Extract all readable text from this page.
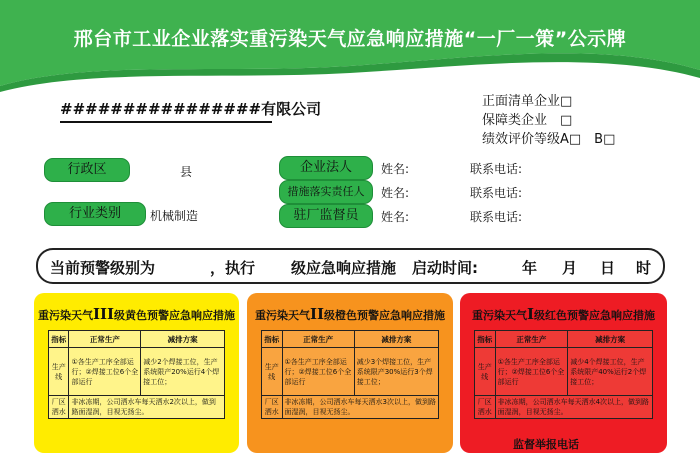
邢台市工业企业落实重污染天气应急响应措施“一厂一策”公示牌
################有限公司	正面清单企业□
保障类企业　□
绩效评价等级A□　B□
行政区	县
行业类别	机械制造
企业法人	姓名:	联系电话:
措施落实责任人	姓名:	联系电话:
驻厂监督员	姓名:	联系电话:
当前预警级别为	，执行 级应急响应措施 启动时间:	年 月 日 时
重污染天气III级黄色预警应急响应措施
指标	正常生产	减排方案
生产线	①各生产工序全部运行；②焊接工位6个全部运行	减少2个焊接工位，生产系统限产20%运行4个焊接工位；
厂区洒水	非冰冻期，公司洒水车每天洒水2次以上，做到路面湿润，目视无扬尘。	
重污染天气II级橙色预警应急响应措施
指标	正常生产	减排方案
生产线	①各生产工序全部运行；②焊接工位6个全部运行	减少3个焊接工位，生产系统限产30%运行3个焊接工位；
厂区洒水	非冰冻期，公司洒水车每天洒水3次以上，做到路面湿润，目视无扬尘。	
重污染天气I级红色预警应急响应措施
指标	正常生产	减排方案
生产线	①各生产工序全部运行；②焊接工位6个全部运行	减少4个焊接工位，生产系统限产40%运行2个焊接工位；
厂区洒水	非冰冻期，公司洒水车每天洒水4次以上，做到路面湿润，目视无扬尘。	
监督举报电话
